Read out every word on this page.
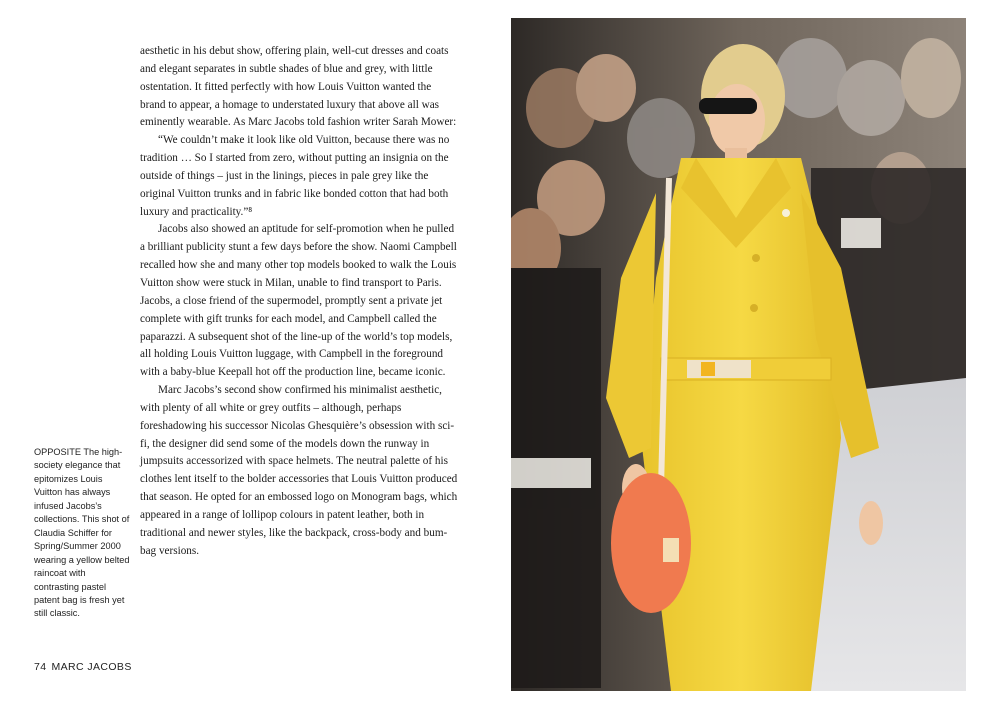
aesthetic in his debut show, offering plain, well-cut dresses and coats and elegant separates in subtle shades of blue and grey, with little ostentation. It fitted perfectly with how Louis Vuitton wanted the brand to appear, a homage to understated luxury that above all was eminently wearable. As Marc Jacobs told fashion writer Sarah Mower:

“We couldn’t make it look like old Vuitton, because there was no tradition … So I started from zero, without putting an insignia on the outside of things – just in the linings, pieces in pale grey like the original Vuitton trunks and in fabric like bonded cotton that had both luxury and practicality.”⁸

Jacobs also showed an aptitude for self-promotion when he pulled a brilliant publicity stunt a few days before the show. Naomi Campbell recalled how she and many other top models booked to walk the Louis Vuitton show were stuck in Milan, unable to find transport to Paris. Jacobs, a close friend of the supermodel, promptly sent a private jet complete with gift trunks for each model, and Campbell called the paparazzi. A subsequent shot of the line-up of the world’s top models, all holding Louis Vuitton luggage, with Campbell in the foreground with a baby-blue Keepall hot off the production line, became iconic.

Marc Jacobs’s second show confirmed his minimalist aesthetic, with plenty of all white or grey outfits – although, perhaps foreshadowing his successor Nicolas Ghesquière’s obsession with sci-fi, the designer did send some of the models down the runway in jumpsuits accessorized with space helmets. The neutral palette of his clothes lent itself to the bolder accessories that Louis Vuitton produced that season. He opted for an embossed logo on Monogram bags, which appeared in a range of lollipop colours in patent leather, both in traditional and newer styles, like the backpack, cross-body and bum-bag versions.

OPPOSITE The high-society elegance that epitomizes Louis Vuitton has always infused Jacobs’s collections. This shot of Claudia Schiffer for Spring/Summer 2000 wearing a yellow belted raincoat with contrasting pastel patent bag is fresh yet still classic.
74 MARC JACOBS
